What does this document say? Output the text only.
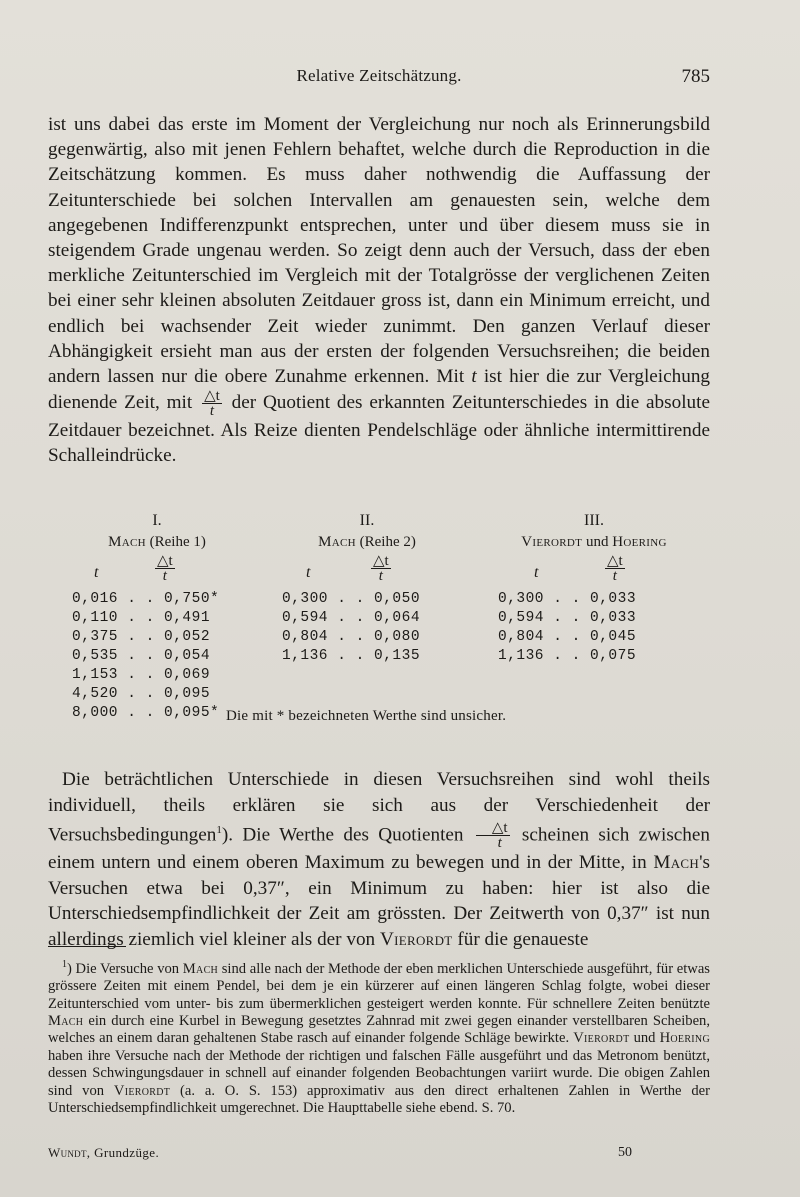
Relative Zeitschätzung.	785

ist uns dabei das erste im Moment der Vergleichung nur noch als Erinnerungsbild gegenwärtig, also mit jenen Fehlern behaftet, welche durch die Reproduction in die Zeitschätzung kommen. Es muss daher nothwendig die Auffassung der Zeitunterschiede bei solchen Intervallen am genauesten sein, welche dem angegebenen Indifferenzpunkt entsprechen, unter und über diesem muss sie in steigendem Grade ungenau werden. So zeigt denn auch der Versuch, dass der eben merkliche Zeitunterschied im Vergleich mit der Totalgrösse der verglichenen Zeiten bei einer sehr kleinen absoluten Zeitdauer gross ist, dann ein Minimum erreicht, und endlich bei wachsender Zeit wieder zunimmt. Den ganzen Verlauf dieser Abhängigkeit ersieht man aus der ersten der folgenden Versuchsreihen; die beiden andern lassen nur die obere Zunahme erkennen. Mit t ist hier die zur Vergleichung dienende Zeit, mit $\frac{\triangle t}{t}$ der Quotient des erkannten Zeitunterschiedes in die absolute Zeitdauer bezeichnet. Als Reize dienten Pendelschläge oder ähnliche intermittirende Schalleindrücke.

I.
Mach (Reihe 1)
t	$\frac{\triangle t}{t}$
0,016 . . 0,750*
0,110 . . 0,491
0,375 . . 0,052
0,535 . . 0,054
1,153 . . 0,069
4,520 . . 0,095
8,000 . . 0,095*
II.
Mach (Reihe 2)
t	$\frac{\triangle t}{t}$
0,300 . . 0,050
0,594 . . 0,064
0,804 . . 0,080
1,136 . . 0,135
III.
Vierordt und Hoering
t	$\frac{\triangle t}{t}$
0,300 . . 0,033
0,594 . . 0,033
0,804 . . 0,045
1,136 . . 0,075
Die mit * bezeichneten Werthe sind unsicher.

Die beträchtlichen Unterschiede in diesen Versuchsreihen sind wohl theils individuell, theils erklären sie sich aus der Verschiedenheit der Versuchsbedingungen$^1$). Die Werthe des Quotienten $\frac{\triangle t}{t}$ scheinen sich zwischen einem untern und einem oberen Maximum zu bewegen und in der Mitte, in Mach's Versuchen etwa bei 0,37″, ein Minimum zu haben: hier ist also die Unterschiedsempfindlichkeit der Zeit am grössten. Der Zeitwerth von 0,37″ ist nun allerdings ziemlich viel kleiner als der von Vierordt für die genaueste

$^1$) Die Versuche von Mach sind alle nach der Methode der eben merklichen Unterschiede ausgeführt, für etwas grössere Zeiten mit einem Pendel, bei dem je ein kürzerer auf einen längeren Schlag folgte, wobei dieser Zeitunterschied vom unter- bis zum übermerklichen gesteigert werden konnte. Für schnellere Zeiten benützte Mach ein durch eine Kurbel in Bewegung gesetztes Zahnrad mit zwei gegen einander verstellbaren Scheiben, welches an einem daran gehaltenen Stabe rasch auf einander folgende Schläge bewirkte. Vierordt und Hoering haben ihre Versuche nach der Methode der richtigen und falschen Fälle ausgeführt und das Metronom benützt, dessen Schwingungsdauer in schnell auf einander folgenden Beobachtungen variirt wurde. Die obigen Zahlen sind von Vierordt (a. a. O. S. 153) approximativ aus den direct erhaltenen Zahlen in Werthe der Unterschiedsempfindlichkeit umgerechnet. Die Haupttabelle siehe ebend. S. 70.

Wundt, Grundzüge.	50
